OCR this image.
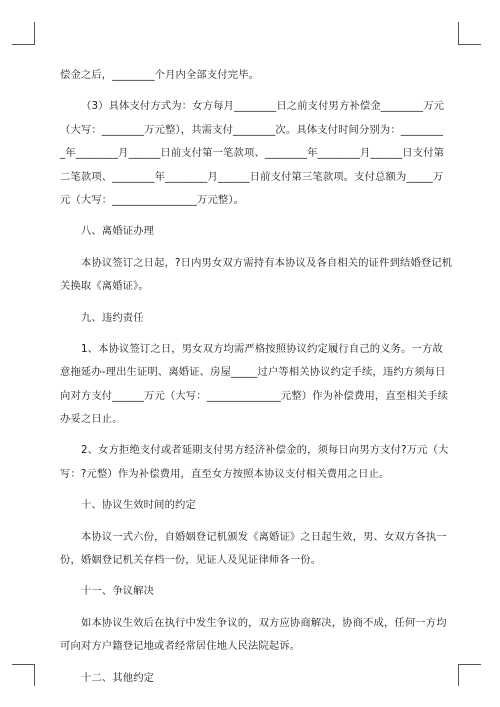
偿金之后，________个月内全部支付完毕。
（3）具体支付方式为：女方每月________日之前支付男方补偿金________万元
（大写：________万元整），共需支付________次。具体支付时间分别为：________
_年________月______日前支付第一笔款项、________年________月______日支付第
二笔款项、________年________月______日前支付第三笔款项。支付总额为_____万
元（大写：________________万元整）。
八、离婚证办理
本协议签订之日起，?日内男女双方需持有本协议及各自相关的证件到结婚登记机
关换取《离婚证》。
九、违约责任
1、本协议签订之日，男女双方均需严格按照协议约定履行自己的义务。一方故
意拖延办-理出生证明、离婚证、房屋_____过户等相关协议约定手续，违约方须每日
向对方支付______万元（大写：______________元整）作为补偿费用，直至相关手续
办妥之日止。
2、女方拒绝支付或者延期支付男方经济补偿金的，须每日向男方支付?万元（大
写：?元整）作为补偿费用，直至女方按照本协议支付相关费用之日止。
十、协议生效时间的约定
本协议一式六份，自婚姻登记机颁发《离婚证》之日起生效，男、女双方各执一
份，婚姻登记机关存档一份，见证人及见证律师各一份。
十一、争议解决
如本协议生效后在执行中发生争议的，双方应协商解决，协商不成，任何一方均
可向对方户籍登记地或者经常居住地人民法院起诉。
十二、其他约定
